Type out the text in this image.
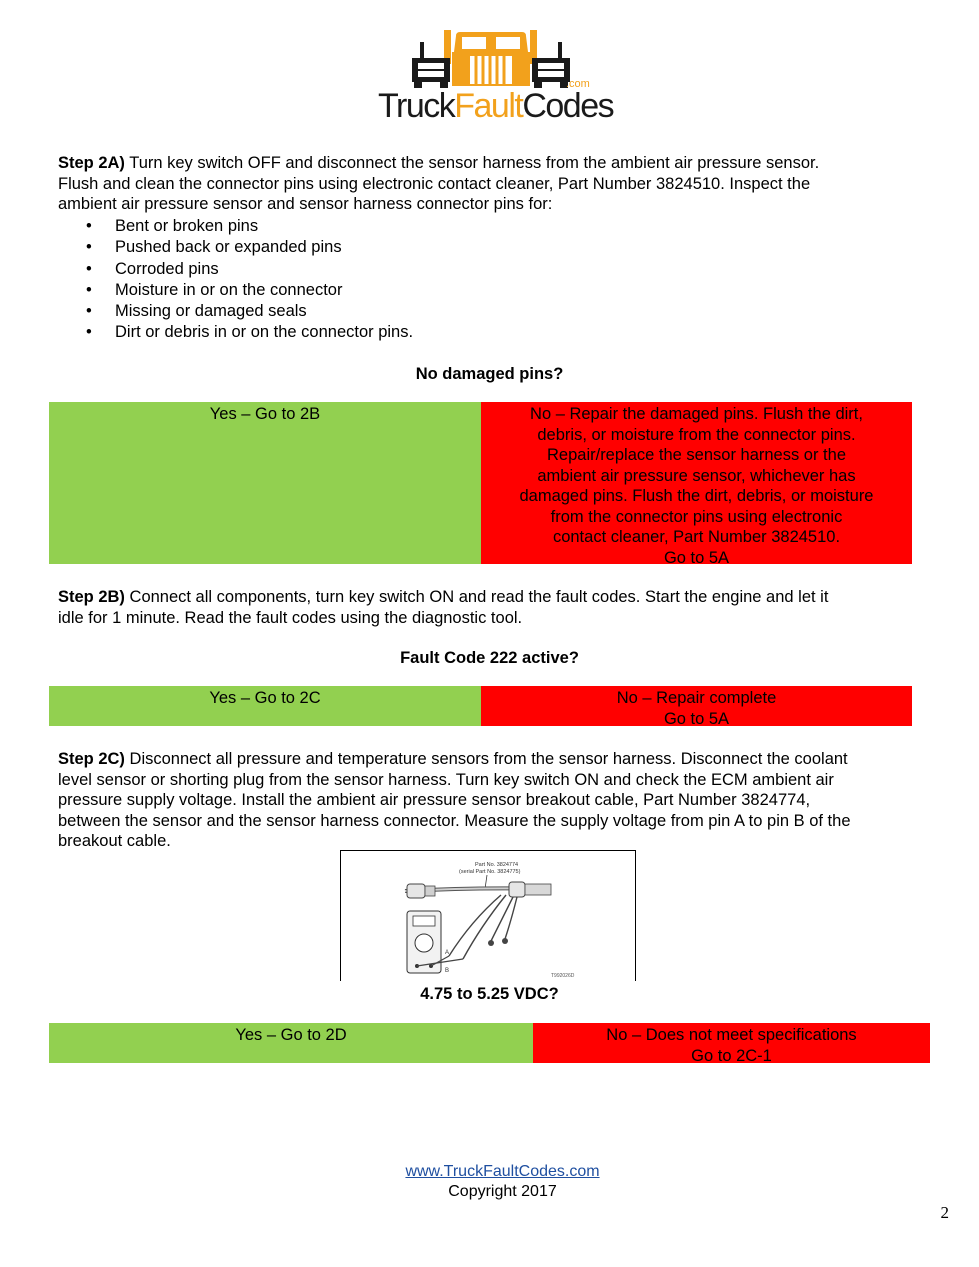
.com
TruckFaultCodes
Step 2A) Turn key switch OFF and disconnect the sensor harness from the ambient air pressure sensor.
Flush and clean the connector pins using electronic contact cleaner, Part Number 3824510. Inspect the
ambient air pressure sensor and sensor harness connector pins for:
• Bent or broken pins
• Pushed back or expanded pins
• Corroded pins
• Moisture in or on the connector
• Missing or damaged seals
• Dirt or debris in or on the connector pins.
No damaged pins?
Yes – Go to 2B	No – Repair the damaged pins. Flush the dirt,
debris, or moisture from the connector pins.
Repair/replace the sensor harness or the
ambient air pressure sensor, whichever has
damaged pins. Flush the dirt, debris, or moisture
from the connector pins using electronic
contact cleaner, Part Number 3824510.
Go to 5A
Step 2B) Connect all components, turn key switch ON and read the fault codes. Start the engine and let it
idle for 1 minute. Read the fault codes using the diagnostic tool.
Fault Code 222 active?
Yes – Go to 2C	No – Repair complete
Go to 5A
Step 2C) Disconnect all pressure and temperature sensors from the sensor harness. Disconnect the coolant
level sensor or shorting plug from the sensor harness. Turn key switch ON and check the ECM ambient air
pressure supply voltage. Install the ambient air pressure sensor breakout cable, Part Number 3824774,
between the sensor and the sensor harness connector. Measure the supply voltage from pin A to pin B of the
breakout cable.
Part No. 3824774
(serial Part No. 3824775)
A
B
T992026D
4.75 to 5.25 VDC?
Yes – Go to 2D	No – Does not meet specifications
Go to 2C-1
www.TruckFaultCodes.com
Copyright 2017
2
